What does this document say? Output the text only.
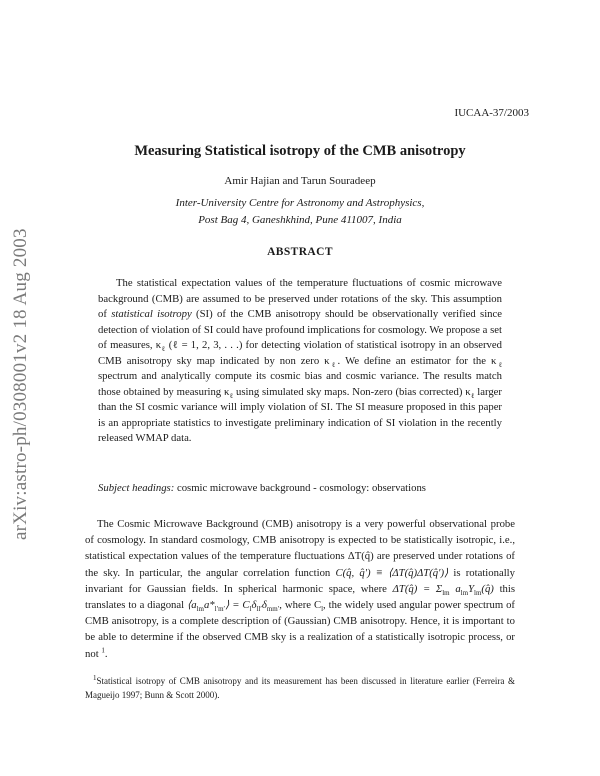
arXiv:astro-ph/0308001v2 18 Aug 2003
IUCAA-37/2003
Measuring Statistical isotropy of the CMB anisotropy
Amir Hajian and Tarun Souradeep
Inter-University Centre for Astronomy and Astrophysics,
Post Bag 4, Ganeshkhind, Pune 411007, India
ABSTRACT

The statistical expectation values of the temperature fluctuations of cosmic microwave background (CMB) are assumed to be preserved under rotations of the sky. This assumption of statistical isotropy (SI) of the CMB anisotropy should be observationally verified since detection of violation of SI could have profound implications for cosmology. We propose a set of measures, $\kappa_\ell$ (ℓ = 1, 2, 3, . . .) for detecting violation of statistical isotropy in an observed CMB anisotropy sky map indicated by non zero $\kappa_\ell$. We define an estimator for the $\kappa_\ell$ spectrum and analytically compute its cosmic bias and cosmic variance. The results match those obtained by measuring $\kappa_\ell$ using simulated sky maps. Non-zero (bias corrected) $\kappa_\ell$ larger than the SI cosmic variance will imply violation of SI. The SI measure proposed in this paper is an appropriate statistics to investigate preliminary indication of SI violation in the recently released WMAP data.

Subject headings: cosmic microwave background - cosmology: observations

The Cosmic Microwave Background (CMB) anisotropy is a very powerful observational probe of cosmology. In standard cosmology, CMB anisotropy is expected to be statistically isotropic, i.e., statistical expectation values of the temperature fluctuations ΔT(q̂) are preserved under rotations of the sky. In particular, the angular correlation function C(q̂, q̂′) ≡ ⟨ΔT(q̂)ΔT(q̂′)⟩ is rotationally invariant for Gaussian fields. In spherical harmonic space, where ΔT(q̂) = $\Sigma_{lm}$ $a_{lm}Y_{lm}(q̂)$ this translates to a diagonal $⟨a_{lm}a*_{l'm'}⟩ = C_l\delta_{ll'}\delta_{mm'}$, where $C_l$, the widely used angular power spectrum of CMB anisotropy, is a complete description of (Gaussian) CMB anisotropy. Hence, it is important to be able to determine if the observed CMB sky is a realization of a statistically isotropic process, or not $^1$.

$^1$Statistical isotropy of CMB anisotropy and its measurement has been discussed in literature earlier (Ferreira & Magueijo 1997; Bunn & Scott 2000).
